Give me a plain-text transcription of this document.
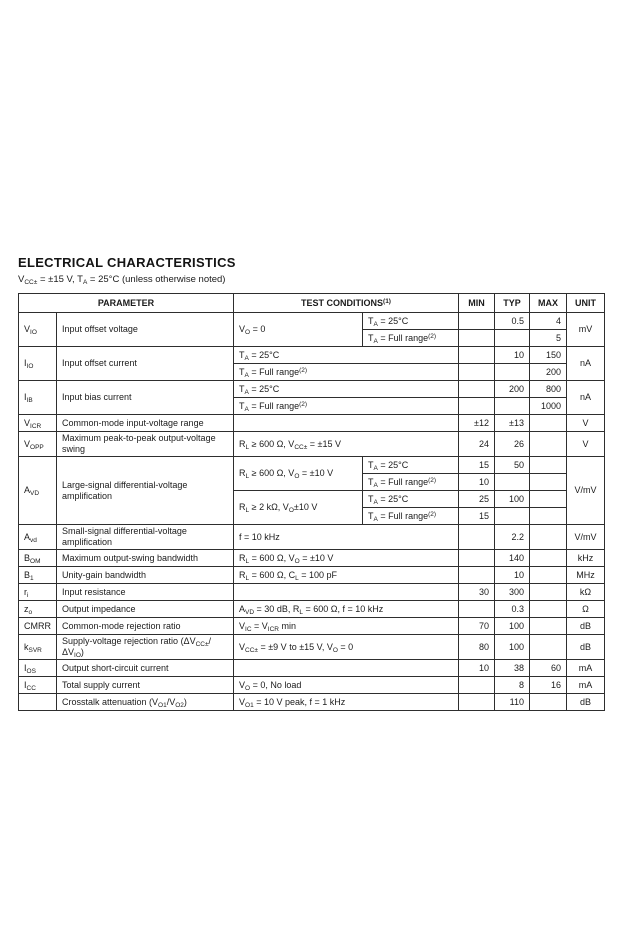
ELECTRICAL CHARACTERISTICS

$V_{CC\pm} = \pm 15$ V, $T_A = 25^\circ C$ (unless otherwise noted)

PARAMETER		TEST CONDITIONS$^{(1)}$		MIN	TYP	MAX	UNIT
$V_{IO}$	Input offset voltage	$V_O = 0$	$T_A = 25^\circ C$		0.5	4	mV
			$T_A$ = Full range$^{(2)}$			5	
$I_{IO}$	Input offset current	$T_A = 25^\circ C$			10	150	nA
		$T_A$ = Full range$^{(2)}$				200	
$I_{IB}$	Input bias current	$T_A = 25^\circ C$			200	800	nA
		$T_A$ = Full range$^{(2)}$				1000	
$V_{ICR}$	Common-mode input-voltage range			±12	±13		V
$V_{OPP}$	Maximum peak-to-peak output-voltage swing	$R_L \ge 600$ Ω, $V_{CC\pm} = \pm 15$ V		24	26		V
$A_{VD}$	Large-signal differential-voltage amplification	$R_L \ge 600$ Ω, $V_O = \pm 10$ V	$T_A = 25^\circ C$	15	50		V/mV
			$T_A$ = Full range$^{(2)}$	10			
		$R_L \ge 2$ kΩ, $V_O\pm 10$ V	$T_A = 25^\circ C$	25	100		
			$T_A$ = Full range$^{(2)}$	15			
$A_{vd}$	Small-signal differential-voltage amplification	f = 10 kHz			2.2		V/mV
$B_{OM}$	Maximum output-swing bandwidth	$R_L = 600$ Ω, $V_O = \pm 10$ V			140		kHz
$B_1$	Unity-gain bandwidth	$R_L = 600$ Ω, $C_L = 100$ pF			10		MHz
$r_i$	Input resistance			30	300		kΩ
$z_o$	Output impedance	$A_{VD} = 30$ dB, $R_L = 600$ Ω, f = 10 kHz			0.3		Ω
CMRR	Common-mode rejection ratio	$V_{IC} = V_{ICR}$ min		70	100		dB
$k_{SVR}$	Supply-voltage rejection ratio $(\Delta V_{CC\pm}/\Delta V_{IO})$	$V_{CC\pm} = \pm 9$ V to ±15 V, $V_O = 0$		80	100		dB
$I_{OS}$	Output short-circuit current			10	38	60	mA
$I_{CC}$	Total supply current	$V_O = 0$, No load			8	16	mA
	Crosstalk attenuation $(V_{O1}/V_{O2})$	$V_{O1} = 10$ V peak, f = 1 kHz			110		dB
